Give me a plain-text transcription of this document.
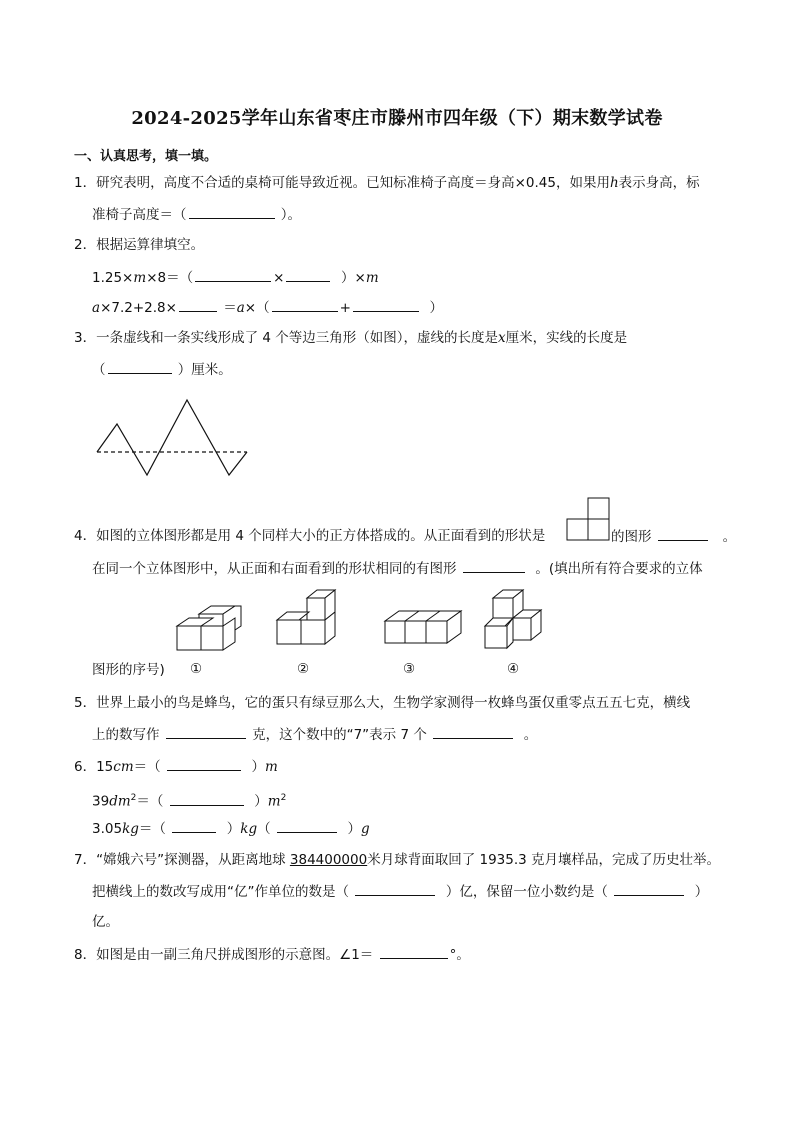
2024-2025学年山东省枣庄市滕州市四年级（下）期末数学试卷
一、认真思考，填一填。
1．研究表明，高度不合适的桌椅可能导致近视。已知标准椅子高度＝身高×0.45，如果用h表示身高，标
准椅子高度＝（	）。
2．根据运算律填空。
1.25×m×8＝（	×	）×m
a×7.2+2.8×	＝a×（	+	）
3．一条虚线和一条实线形成了 4 个等边三角形（如图），虚线的长度是x厘米，实线的长度是
（	）厘米。
4．如图的立体图形都是用 4 个同样大小的正方体搭成的。从正面看到的形状是	的图形	。
在同一个立体图形中，从正面和右面看到的形状相同的有图形	。(填出所有符合要求的立体
图形的序号) ①	②	③	④
5．世界上最小的鸟是蜂鸟，它的蛋只有绿豆那么大，生物学家测得一枚蜂鸟蛋仅重零点五五七克，横线
上的数写作	克，这个数中的“7”表示 7 个	。
6．15cm＝（	）m
$39dm^2=$（	）$m^2$
3.05kg＝（	）kg（	）g
7．“嫦娥六号”探测器，从距离地球 384400000米月球背面取回了 1935.3 克月壤样品，完成了历史壮举。
把横线上的数改写成用“亿”作单位的数是（	）亿，保留一位小数约是（	）
亿。
8．如图是由一副三角尺拼成图形的示意图。∠1＝	°。
